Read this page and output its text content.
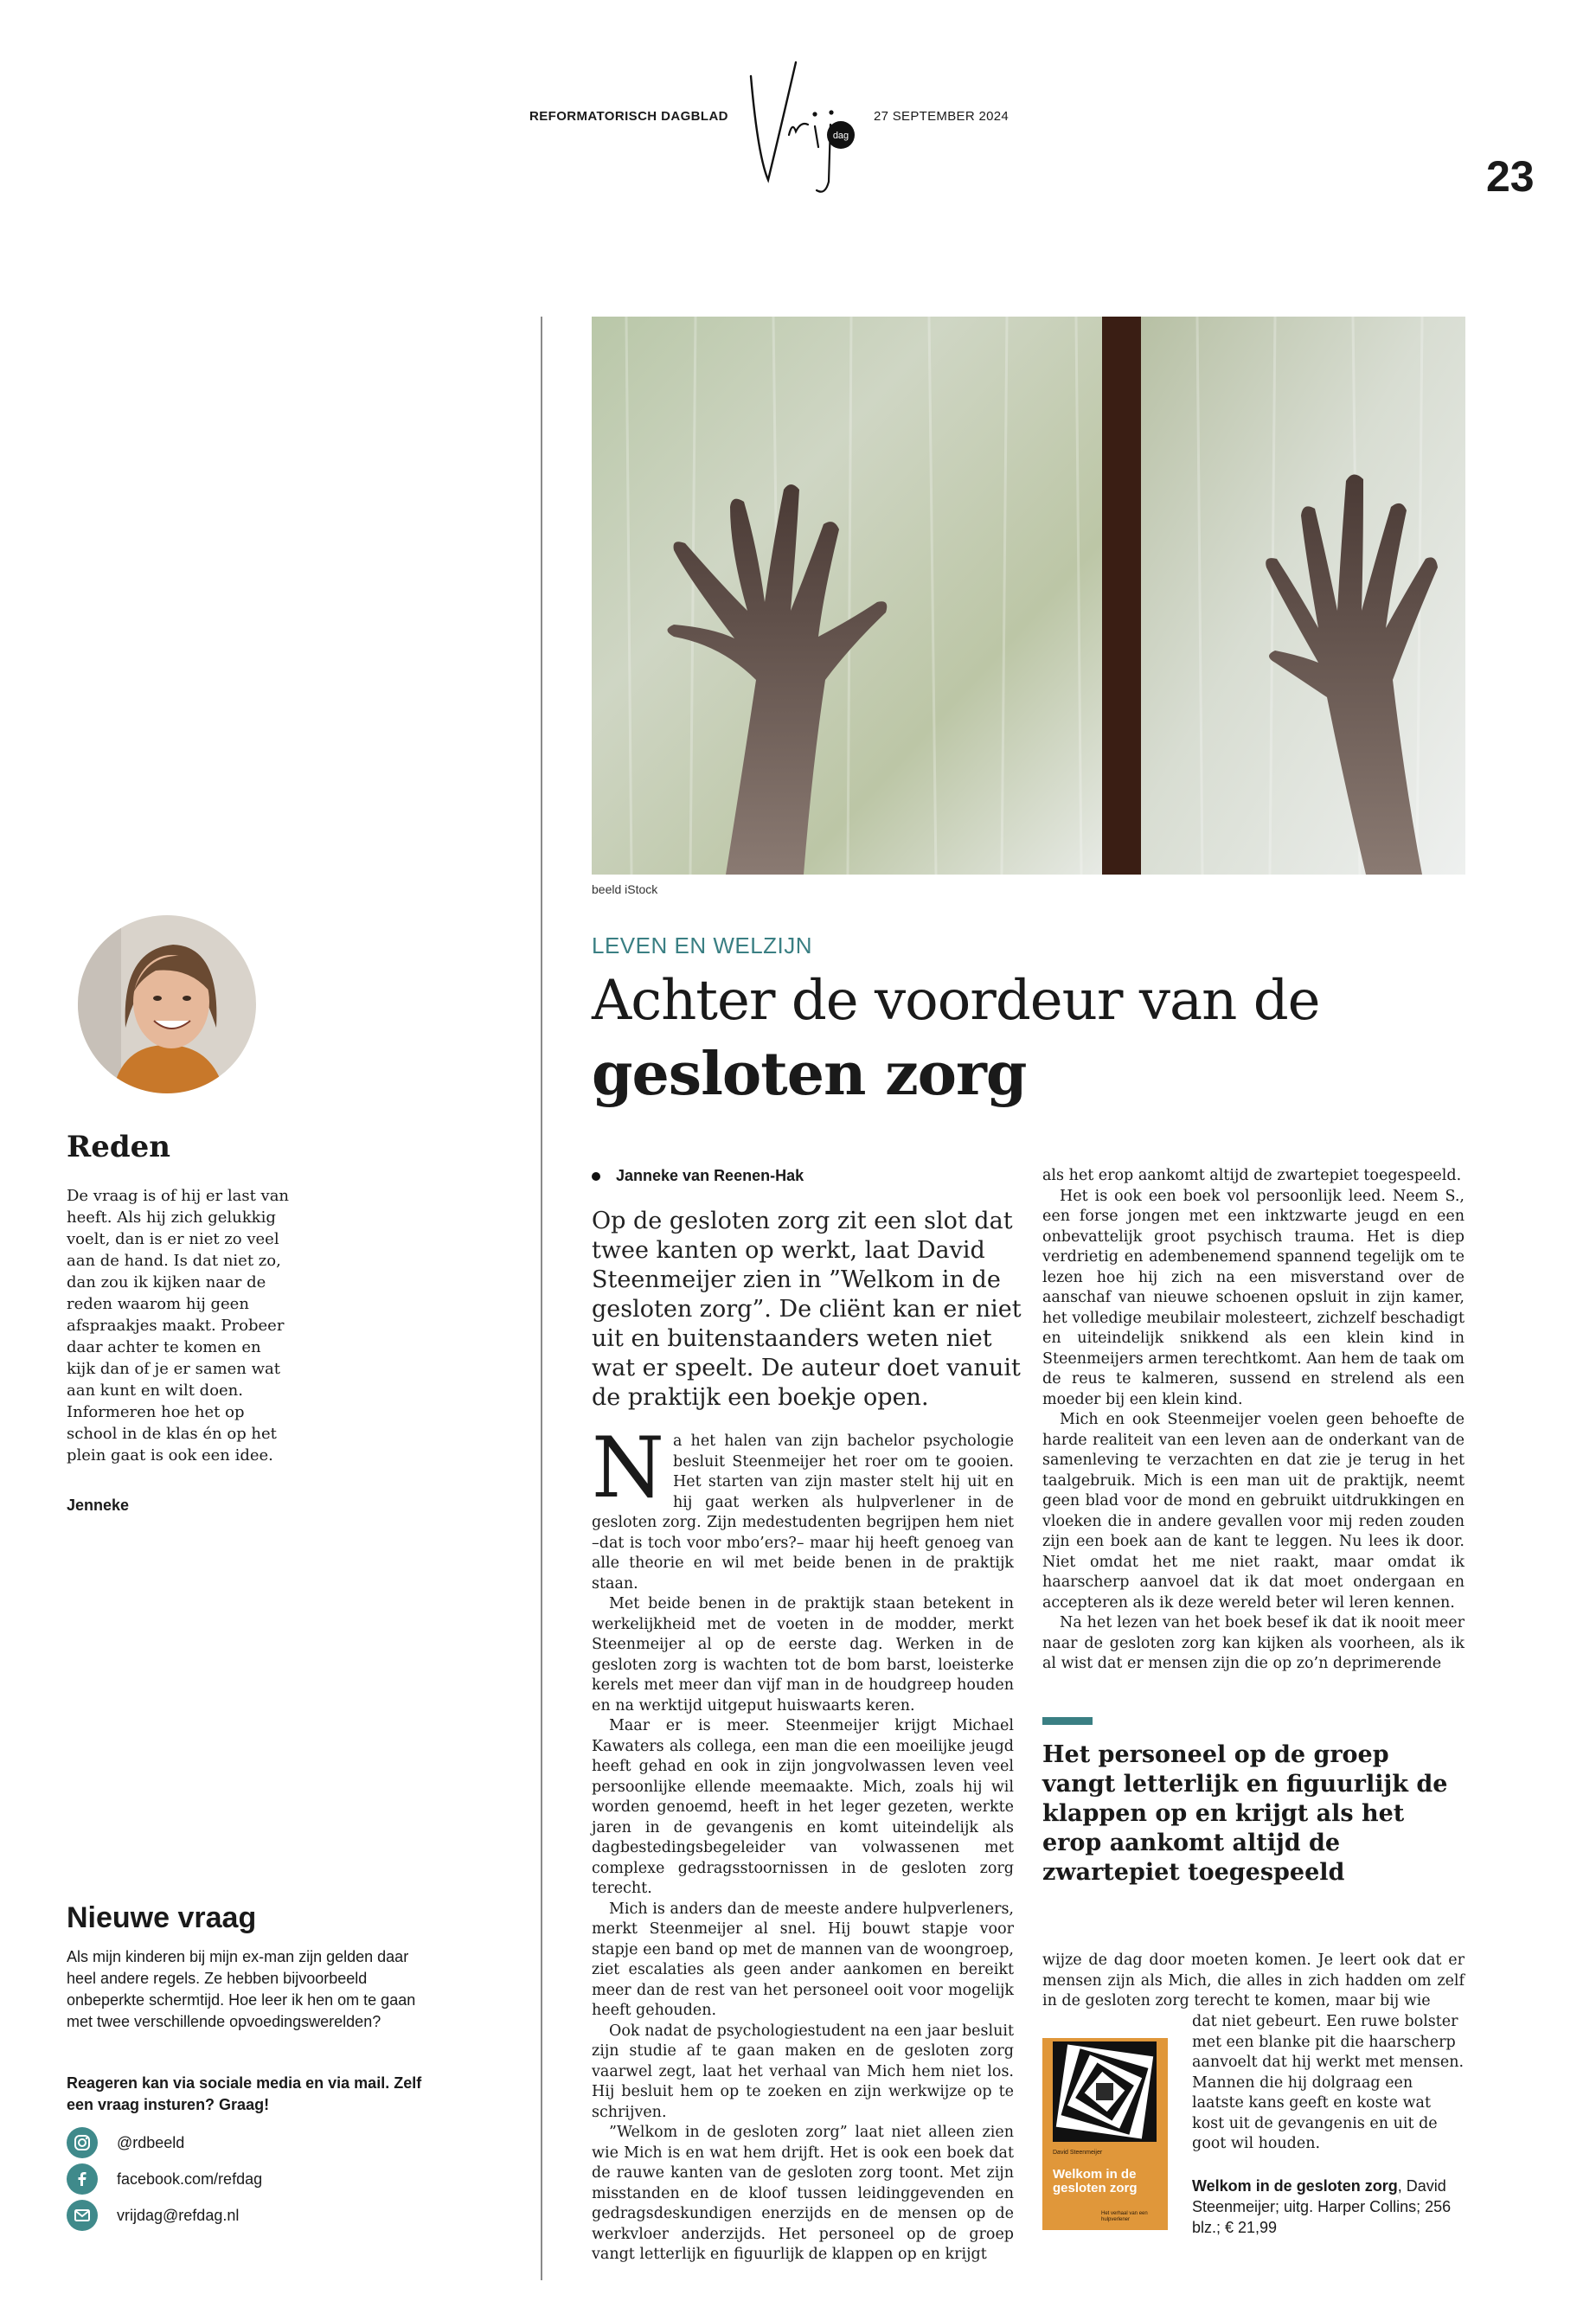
REFORMATORISCH DAGBLAD
dag
27 SEPTEMBER 2024
23
beeld iStock
Reden
De vraag is of hij er last van heeft. Als hij zich gelukkig voelt, dan is er niet zo veel aan de hand. Is dat niet zo, dan zou ik kijken naar de reden waarom hij geen afspraakjes maakt. Probeer daar achter te komen en kijk dan of je er samen wat aan kunt en wilt doen. Informeren hoe het op school in de klas én op het plein gaat is ook een idee.
Jenneke
Nieuwe vraag
Als mijn kinderen bij mijn ex-man zijn gelden daar heel andere regels. Ze hebben bijvoorbeeld onbeperkte schermtijd. Hoe leer ik hen om te gaan met twee verschillende opvoedingswerelden?
Reageren kan via sociale media en via mail. Zelf een vraag insturen? Graag!
@rdbeeld
facebook.com/refdag
vrijdag@refdag.nl
LEVEN EN WELZIJN
Achter de voordeur van de
gesloten zorg
Janneke van Reenen-Hak
Op de gesloten zorg zit een slot dat twee kanten op werkt, laat David Steenmeijer zien in ”Welkom in de gesloten zorg”. De cliënt kan er niet uit en buitenstaanders weten niet wat er speelt. De auteur doet vanuit de praktijk een boekje open.

Na het halen van zijn bachelor psychologie besluit Steenmeijer het roer om te gooien. Het starten van zijn master stelt hij uit en hij gaat werken als hulpverlener in de gesloten zorg. Zijn medestudenten begrijpen hem niet –dat is toch voor mbo’ers?– maar hij heeft genoeg van alle theorie en wil met beide benen in de praktijk staan.

Met beide benen in de praktijk staan betekent in werkelijkheid met de voeten in de modder, merkt Steenmeijer al op de eerste dag. Werken in de gesloten zorg is wachten tot de bom barst, loeisterke kerels met meer dan vijf man in de houdgreep houden en na werktijd uitgeput huiswaarts keren.

Maar er is meer. Steenmeijer krijgt Michael Kawaters als collega, een man die een moeilijke jeugd heeft gehad en ook in zijn jongvolwassen leven veel persoonlijke ellende meemaakte. Mich, zoals hij wil worden genoemd, heeft in het leger gezeten, werkte jaren in de gevangenis en komt uiteindelijk als dagbestedingsbegeleider van volwassenen met complexe gedragsstoornissen in de gesloten zorg terecht.

Mich is anders dan de meeste andere hulpverleners, merkt Steenmeijer al snel. Hij bouwt stapje voor stapje een band op met de mannen van de woongroep, ziet escalaties als geen ander aankomen en bereikt meer dan de rest van het personeel ooit voor mogelijk heeft gehouden.

Ook nadat de psychologiestudent na een jaar besluit zijn studie af te gaan maken en de gesloten zorg vaarwel zegt, laat het verhaal van Mich hem niet los. Hij besluit hem op te zoeken en zijn werkwijze op te schrijven.

”Welkom in de gesloten zorg” laat niet alleen zien wie Mich is en wat hem drijft. Het is ook een boek dat de rauwe kanten van de gesloten zorg toont. Met zijn misstanden en de kloof tussen leidinggevenden en gedragsdeskundigen enerzijds en de mensen op de werkvloer anderzijds. Het personeel op de groep vangt letterlijk en figuurlijk de klappen op en krijgt

als het erop aankomt altijd de zwartepiet toegespeeld.

Het is ook een boek vol persoonlijk leed. Neem S., een forse jongen met een inktzwarte jeugd en een onbevattelijk groot psychisch trauma. Het is diep verdrietig en adembenemend spannend tegelijk om te lezen hoe hij zich na een misverstand over de aanschaf van nieuwe schoenen opsluit in zijn kamer, het volledige meubilair molesteert, zichzelf beschadigt en uiteindelijk snikkend als een klein kind in Steenmeijers armen terechtkomt. Aan hem de taak om de reus te kalmeren, sussend en strelend als een moeder bij een klein kind.

Mich en ook Steenmeijer voelen geen behoefte de harde realiteit van een leven aan de onderkant van de samenleving te verzachten en dat zie je terug in het taalgebruik. Mich is een man uit de praktijk, neemt geen blad voor de mond en gebruikt uitdrukkingen en vloeken die in andere gevallen voor mij reden zouden zijn een boek aan de kant te leggen. Nu lees ik door. Niet omdat het me niet raakt, maar omdat ik haarscherp aanvoel dat ik dat moet ondergaan en accepteren als ik deze wereld beter wil leren kennen.

Na het lezen van het boek besef ik dat ik nooit meer naar de gesloten zorg kan kijken als voorheen, als ik al wist dat er mensen zijn die op zo’n deprimerende

Het personeel op de groep vangt letterlijk en figuurlijk de klappen op en krijgt als het erop aankomt altijd de zwartepiet toegespeeld
wijze de dag door moeten komen. Je leert ook dat er mensen zijn als Mich, die alles in zich hadden om zelf in de gesloten zorg terecht te komen, maar bij wie
David Steenmeijer
Welkom in de gesloten zorg
Het verhaal van een hulpverlener
dat niet gebeurt. Een ruwe bolster met een blanke pit die haarscherp aanvoelt dat hij werkt met mensen. Mannen die hij dolgraag een laatste kans geeft en koste wat kost uit de gevangenis en uit de goot wil houden.
Welkom in de gesloten zorg, David Steenmeijer; uitg. Harper Collins; 256 blz.; € 21,99
